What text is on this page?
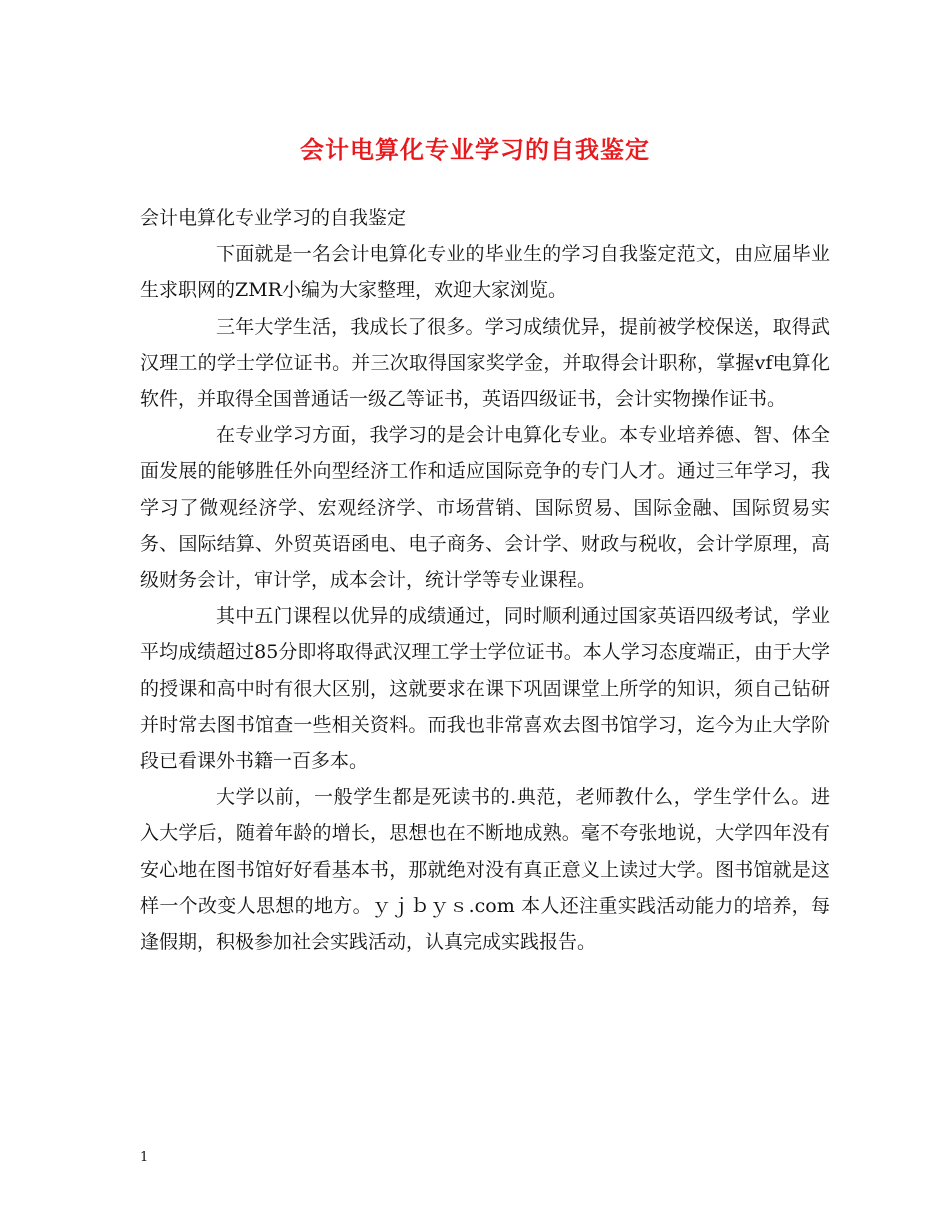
会计电算化专业学习的自我鉴定

会计电算化专业学习的自我鉴定

下面就是一名会计电算化专业的毕业生的学习自我鉴定范文，由应届毕业生求职网的ZMR小编为大家整理，欢迎大家浏览。

三年大学生活，我成长了很多。学习成绩优异，提前被学校保送，取得武汉理工的学士学位证书。并三次取得国家奖学金，并取得会计职称，掌握vf电算化软件，并取得全国普通话一级乙等证书，英语四级证书，会计实物操作证书。

在专业学习方面，我学习的是会计电算化专业。本专业培养德、智、体全面发展的能够胜任外向型经济工作和适应国际竞争的专门人才。通过三年学习，我学习了微观经济学、宏观经济学、市场营销、国际贸易、国际金融、国际贸易实务、国际结算、外贸英语函电、电子商务、会计学、财政与税收，会计学原理，高级财务会计，审计学，成本会计，统计学等专业课程。

其中五门课程以优异的成绩通过，同时顺利通过国家英语四级考试，学业平均成绩超过85分即将取得武汉理工学士学位证书。本人学习态度端正，由于大学的授课和高中时有很大区别，这就要求在课下巩固课堂上所学的知识，须自己钻研并时常去图书馆查一些相关资料。而我也非常喜欢去图书馆学习，迄今为止大学阶段已看课外书籍一百多本。

大学以前，一般学生都是死读书的.典范，老师教什么，学生学什么。进入大学后，随着年龄的增长，思想也在不断地成熟。毫不夸张地说，大学四年没有安心地在图书馆好好看基本书，那就绝对没有真正意义上读过大学。图书馆就是这样一个改变人思想的地方。ｙｊｂｙｓ.com 本人还注重实践活动能力的培养，每逢假期，积极参加社会实践活动，认真完成实践报告。

1
